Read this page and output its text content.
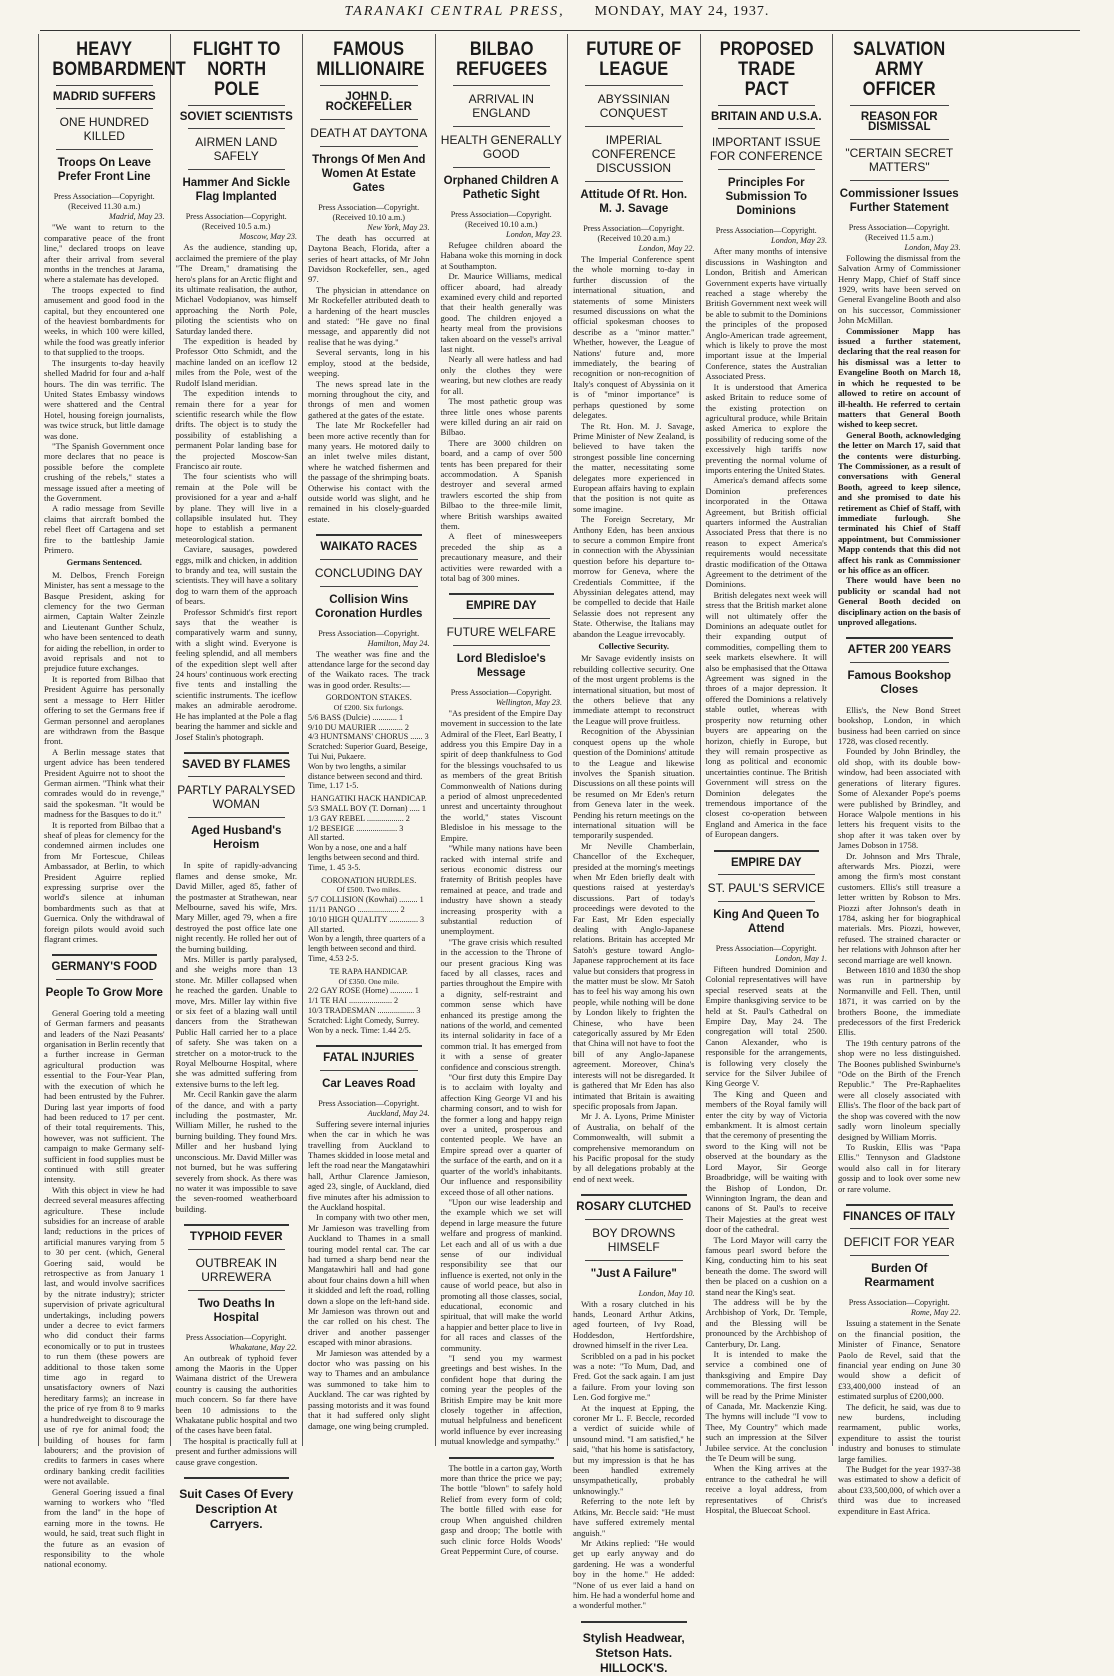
TARANAKI CENTRAL PRESS, MONDAY, MAY 24, 1937.
HEAVY BOMBARDMENT
MADRID SUFFERS
ONE HUNDRED KILLED
Troops On Leave Prefer Front Line
Press Association—Copyright.
(Received 11.30 a.m.)
Madrid, May 23.

"We want to return to the comparative peace of the front line," declared troops on leave after their arrival from several months in the trenches at Jarama, where a stalemate has developed.

The troops expected to find amusement and good food in the capital, but they encountered one of the heaviest bombardments for weeks, in which 100 were killed, while the food was greatly inferior to that supplied to the troops.

The insurgents to-day heavily shelled Madrid for four and a-half hours. The din was terrific. The United States Embassy windows were shattered and the Central Hotel, housing foreign journalists, was twice struck, but little damage was done.

"The Spanish Government once more declares that no peace is possible before the complete crushing of the rebels," states a message issued after a meeting of the Government.

A radio message from Seville claims that aircraft bombed the rebel fleet off Cartagena and set fire to the battleship Jamie Primero.

Germans Sentenced.

M. Delbos, French Foreign Minister, has sent a message to the Basque President, asking for clemency for the two German airmen, Captain Walter Zeinzle and Lieutenant Gunther Schulz, who have been sentenced to death for aiding the rebellion, in order to avoid reprisals and not to prejudice future exchanges.

It is reported from Bilbao that President Aguirre has personally sent a message to Herr Hitler offering to set the Germans free if German personnel and aeroplanes are withdrawn from the Basque front.

A Berlin message states that urgent advice has been tendered President Aguirre not to shoot the German airmen. "Think what their comrades would do in revenge," said the spokesman. "It would be madness for the Basques to do it."

It is reported from Bilbao that a sheaf of pleas for clemency for the condemned airmen includes one from Mr Fortescue, Chileas Ambassador, at Berlin, to which President Aguirre replied expressing surprise over the world's silence at inhuman bombardments such as that at Guernica. Only the withdrawal of foreign pilots would avoid such flagrant crimes.

GERMANY'S FOOD
People To Grow More

General Goering told a meeting of German farmers and peasants and leaders of the Nazi Peasants' organisation in Berlin recently that a further increase in German agricultural production was essential to the Four-Year Plan, with the execution of which he had been entrusted by the Fuhrer. During last year imports of food had been reduced to 17 per cent. of their total requirements. This, however, was not sufficient. The campaign to make Germany self-sufficient in food supplies must be continued with still greater intensity.

With this object in view he had decreed several measures affecting agriculture. These include subsidies for an increase of arable land; reductions in the prices of artificial manures varying from 5 to 30 per cent. (which, General Goering said, would be retrospective as from January 1 last, and would involve sacrifices by the nitrate industry); stricter supervision of private agricultural undertakings, including powers under a decree to evict farmers who did conduct their farms economically or to put in trustees to run them (these powers are additional to those taken some time ago in regard to unsatisfactory owners of Nazi hereditary farms); an increase in the price of rye from 8 to 9 marks a hundredweight to discourage the use of rye for animal food; the building of houses for farm labourers; and the provision of credits to farmers in cases where ordinary banking credit facilities were not available.

General Goering issued a final warning to workers who "fled from the land" in the hope of earning more in the towns. He would, he said, treat such flight in the future as an evasion of responsibility to the whole national economy.

FLIGHT TO NORTH POLE
SOVIET SCIENTISTS
AIRMEN LAND SAFELY
Hammer And Sickle Flag Implanted
Press Association—Copyright.
(Received 10.5 a.m.)
Moscow, May 23.

As the audience, standing up, acclaimed the premiere of the play "The Dream," dramatising the hero's plans for an Arctic flight and its ultimate realisation, the author, Michael Vodopianov, was himself approaching the North Pole, piloting the scientists who on Saturday landed there.

The expedition is headed by Professor Otto Schmidt, and the machine landed on an iceflow 12 miles from the Pole, west of the Rudolf Island meridian.

The expedition intends to remain there for a year for scientific research while the flow drifts. The object is to study the possibility of establishing a permanent Polar landing base for the projected Moscow-San Francisco air route.

The four scientists who will remain at the Pole will be provisioned for a year and a-half by plane. They will live in a collapsible insulated hut. They hope to establish a permanent meteorological station.

Caviare, sausages, powdered eggs, milk and chicken, in addition to brandy and tea, will sustain the scientists. They will have a solitary dog to warn them of the approach of bears.

Professor Schmidt's first report says that the weather is comparatively warm and sunny, with a slight wind. Everyone is feeling splendid, and all members of the expedition slept well after 24 hours' continuous work erecting five tents and installing the scientific instruments. The iceflow makes an admirable aerodrome. He has implanted at the Pole a flag bearing the hammer and sickle and Josef Stalin's photograph.

SAVED BY FLAMES
PARTLY PARALYSED WOMAN
Aged Husband's Heroism

In spite of rapidly-advancing flames and dense smoke, Mr. David Miller, aged 85, father of the postmaster at Strathewan, near Melbourne, saved his wife, Mrs. Mary Miller, aged 79, when a fire destroyed the post office late one night recently. He rolled her out of the burning building.

Mrs. Miller is partly paralysed, and she weighs more than 13 stone. Mr. Miller collapsed when he reached the garden. Unable to move, Mrs. Miller lay within five or six feet of a blazing wall until dancers from the Strathewan Public Hall carried her to a place of safety. She was taken on a stretcher on a motor-truck to the Royal Melbourne Hospital, where she was admitted suffering from extensive burns to the left leg.

Mr. Cecil Rankin gave the alarm of the dance, and with a party including the postmaster, Mr. William Miller, he rushed to the burning building. They found Mrs. Miller and her husband lying unconscious. Mr. David Miller was not burned, but he was suffering severely from shock. As there was no water it was impossible to save the seven-roomed weatherboard building.

TYPHOID FEVER
OUTBREAK IN URREWERA
Two Deaths In Hospital
Press Association—Copyright.
Whakatane, May 22.

An outbreak of typhoid fever among the Maoris in the Upper Waimana district of the Urewera country is causing the authorities much concern. So far there have been 10 admissions to the Whakatane public hospital and two of the cases have been fatal.

The hospital is practically full at present and further admissions will cause grave congestion.

Suit Cases Of Every Description At Carryers.
FAMOUS MILLIONAIRE
JOHN D. ROCKEFELLER
DEATH AT DAYTONA
Throngs Of Men And Women At Estate Gates
Press Association—Copyright.
(Received 10.10 a.m.)
New York, May 23.

The death has occurred at Daytona Beach, Florida, after a series of heart attacks, of Mr John Davidson Rockefeller, sen., aged 97.

The physician in attendance on Mr Rockefeller attributed death to a hardening of the heart muscles and stated: "He gave no final message, and apparently did not realise that he was dying."

Several servants, long in his employ, stood at the bedside, weeping.

The news spread late in the morning throughout the city, and throngs of men and women gathered at the gates of the estate.

The late Mr Rockefeller had been more active recently than for many years. He motored daily to an inlet twelve miles distant, where he watched fishermen and the passage of the shrimping boats. Otherwise his contact with the outside world was slight, and he remained in his closely-guarded estate.

WAIKATO RACES
CONCLUDING DAY
Collision Wins Coronation Hurdles
Press Association—Copyright.
Hamilton, May 24.

The weather was fine and the attendance large for the second day of the Waikato races. The track was in good order. Results:—

GORDONTON STAKES.
Of £200. Six furlongs.
5/6 BASS (Dulcie) ............ 1
9/10 DU MAURIER ............ 2
4/3 HUNTSMANS' CHORUS ...... 3
Scratched: Superior Guard, Beseige, Tui Nui, Pukaere.
Won by two lengths, a similar distance between second and third. Time, 1.17 1-5.
HANGATIKI HACK HANDICAP.
5/3 SMALL BOY (T. Dornan) ..... 1
1/3 GAY REBEL .................. 2
1/2 BESEIGE .................... 3
All started.
Won by a nose, one and a half lengths between second and third. Time, 1. 45 3-5.
CORONATION HURDLES.
Of £500. Two miles.
5/7 COLLISION (Kowhai) ......... 1
11/11 PANGO .................... 2
10/10 HIGH QUALITY .............. 3
All started.
Won by a length, three quarters of a length between second and third. Time, 4.53 2-5.
TE RAPA HANDICAP.
Of £350. One mile.
2/2 GAY ROSE (Horne) ........... 1
1/1 TE HAI ..................... 2
10/3 TRADESMAN .................. 3
Scratched: Light Comedy, Surrey.
Won by a neck. Time: 1.44 2/5.
FATAL INJURIES
Car Leaves Road
Press Association—Copyright.
Auckland, May 24.

Suffering severe internal injuries when the car in which he was travelling from Auckland to Thames skidded in loose metal and left the road near the Mangatawhiri hall, Arthur Clarence Jamieson, aged 23, single, of Auckland, died five minutes after his admission to the Auckland hospital.

In company with two other men, Mr Jamieson was travelling from Auckland to Thames in a small touring model rental car. The car had turned a sharp bend near the Mangatawhiri hall and had gone about four chains down a hill when it skidded and left the road, rolling down a slope on the left-hand side. Mr Jamieson was thrown out and the car rolled on his chest. The driver and another passenger escaped with minor abrasions.

Mr Jamieson was attended by a doctor who was passing on his way to Thames and an ambulance was summoned to take him to Auckland. The car was righted by passing motorists and it was found that it had suffered only slight damage, one wing being crumpled.

BILBAO REFUGEES
ARRIVAL IN ENGLAND
HEALTH GENERALLY GOOD
Orphaned Children A Pathetic Sight
Press Association—Copyright.
(Received 10.10 a.m.)
London, May 23.

Refugee children aboard the Habana woke this morning in dock at Southampton.

Dr. Maurice Williams, medical officer aboard, had already examined every child and reported that their health generally was good. The children enjoyed a hearty meal from the provisions taken aboard on the vessel's arrival last night.

Nearly all were hatless and had only the clothes they were wearing, but new clothes are ready for all.

The most pathetic group was three little ones whose parents were killed during an air raid on Bilbao.

There are 3000 children on board, and a camp of over 500 tents has been prepared for their accommodation. A Spanish destroyer and several armed trawlers escorted the ship from Bilbao to the three-mile limit, where British warships awaited them.

A fleet of minesweepers preceded the ship as a precautionary measure, and their activities were rewarded with a total bag of 300 mines.

EMPIRE DAY
FUTURE WELFARE
Lord Bledisloe's Message
Press Association—Copyright.
Wellington, May 23.

"As president of the Empire Day movement in succession to the late Admiral of the Fleet, Earl Beatty, I address you this Empire Day in a spirit of deep thankfulness to God for the blessings vouchsafed to us as members of the great British Commonwealth of Nations during a period of almost unprecedented unrest and uncertainty throughout the world," states Viscount Bledisloe in his message to the Empire.

"While many nations have been racked with internal strife and serious economic distress our fraternity of British peoples have remained at peace, and trade and industry have shown a steady increasing prosperity with a substantial reduction of unemployment.

"The grave crisis which resulted in the accession to the Throne of our present gracious King was faced by all classes, races and parties throughout the Empire with a dignity, self-restraint and common sense which have enhanced its prestige among the nations of the world, and cemented its internal solidarity in face of a common trial. It has emerged from it with a sense of greater confidence and conscious strength.

"Our first duty this Empire Day is to acclaim with loyalty and affection King George VI and his charming consort, and to wish for the former a long and happy reign over a united, prosperous and contented people. We have an Empire spread over a quarter of the surface of the earth, and on it a quarter of the world's inhabitants. Our influence and responsibility exceed those of all other nations.

"Upon our wise leadership and the example which we set will depend in large measure the future welfare and progress of mankind. Let each and all of us with a due sense of our individual responsibility see that our influence is exerted, not only in the cause of world peace, but also in promoting all those classes, social, educational, economic and spiritual, that will make the world a happier and better place to live in for all races and classes of the community.

"I send you my warmest greetings and best wishes. In the confident hope that during the coming year the peoples of the British Empire may be knit more closely together in affection, mutual helpfulness and beneficent world influence by ever increasing mutual knowledge and sympathy."

The bottle in a carton gay, Worth more than thrice the price we pay; The bottle "blown" to safely hold Relief from every form of cold; The bottle filled with ease for croup When anguished children gasp and droop; The bottle with such clinic force Holds Woods' Great Peppermint Cure, of course.

FUTURE OF LEAGUE
ABYSSINIAN CONQUEST
IMPERIAL CONFERENCE DISCUSSION
Attitude Of Rt. Hon. M. J. Savage
Press Association—Copyright.
(Received 10.20 a.m.)
London, May 22.

The Imperial Conference spent the whole morning to-day in further discussion of the international situation, and statements of some Ministers resumed discussions on what the official spokesman chooses to describe as a "minor matter." Whether, however, the League of Nations' future and, more immediately, the bearing of recognition or non-recognition of Italy's conquest of Abyssinia on it is of "minor importance" is perhaps questioned by some delegates.

The Rt. Hon. M. J. Savage, Prime Minister of New Zealand, is believed to have taken the strongest possible line concerning the matter, necessitating some delegates more experienced in European affairs having to explain that the position is not quite as some imagine.

The Foreign Secretary, Mr Anthony Eden, has been anxious to secure a common Empire front in connection with the Abyssinian question before his departure to-morrow for Geneva, where the Credentials Committee, if the Abyssinian delegates attend, may be compelled to decide that Haile Selassie does not represent any State. Otherwise, the Italians may abandon the League irrevocably.

Collective Security.

Mr Savage evidently insists on rebuilding collective security. One of the most urgent problems is the international situation, but most of the others believe that any immediate attempt to reconstruct the League will prove fruitless.

Recognition of the Abyssinian conquest opens up the whole question of the Dominions' attitude to the League and likewise involves the Spanish situation. Discussions on all these points will be resumed on Mr Eden's return from Geneva later in the week. Pending his return meetings on the international situation will be temporarily suspended.

Mr Neville Chamberlain, Chancellor of the Exchequer, presided at the morning's meetings when Mr Eden briefly dealt with questions raised at yesterday's discussions. Part of today's proceedings were devoted to the Far East, Mr Eden especially dealing with Anglo-Japanese relations. Britain has accepted Mr Satoh's gesture toward Anglo-Japanese rapprochement at its face value but considers that progress in the matter must be slow. Mr Satoh has to feel his way among his own people, while nothing will be done by London likely to frighten the Chinese, who have been categorically assured by Mr Eden that China will not have to foot the bill of any Anglo-Japanese agreement. Moreover, China's interests will not be disregarded. It is gathered that Mr Eden has also intimated that Britain is awaiting specific proposals from Japan.

Mr J. A. Lyons, Prime Minister of Australia, on behalf of the Commonwealth, will submit a comprehensive memorandum on his Pacific proposal for the study by all delegations probably at the end of next week.

ROSARY CLUTCHED
BOY DROWNS HIMSELF
"Just A Failure"
London, May 10.

With a rosary clutched in his hands, Leonard Arthur Atkins, aged fourteen, of Ivy Road, Hoddesdon, Hertfordshire, drowned himself in the river Lea.

Scribbled on a pad in his pocket was a note: "To Mum, Dad, and Fred. Got the sack again. I am just a failure. From your loving son Len. God forgive me."

At the inquest at Epping, the coroner Mr L. F. Beccle, recorded a verdict of suicide while of unsound mind. "I am satisfied," he said, "that his home is satisfactory, but my impression is that he has been handled extremely unsympathetically, probably unknowingly."

Referring to the note left by Atkins, Mr. Beccle said: "He must have suffered extremely mental anguish."

Mr Atkins replied: "He would get up early anyway and do gardening. He was a wonderful boy in the home." He added: "None of us ever laid a hand on him. He had a wonderful home and a wonderful mother."

Stylish Headwear, Stetson Hats. HILLOCK'S.
PROPOSED TRADE PACT
BRITAIN AND U.S.A.
IMPORTANT ISSUE FOR CONFERENCE
Principles For Submission To Dominions
Press Association—Copyright.
London, May 23.

After many months of intensive discussions in Washington and London, British and American Government experts have virtually reached a stage whereby the British Government next week will be able to submit to the Dominions the principles of the proposed Anglo-American trade agreement, which is likely to prove the most important issue at the Imperial Conference, states the Australian Associated Press.

It is understood that America asked Britain to reduce some of the existing protection on agricultural produce, while Britain asked America to explore the possibility of reducing some of the excessively high tariffs now preventing the normal volume of imports entering the United States.

America's demand affects some Dominion preferences incorporated in the Ottawa Agreement, but British official quarters informed the Australian Associated Press that there is no reason to expect America's requirements would necessitate drastic modification of the Ottawa Agreement to the detriment of the Dominions.

British delegates next week will stress that the British market alone will not ultimately offer the Dominions an adequate outlet for their expanding output of commodities, compelling them to seek markets elsewhere. It will also be emphasised that the Ottawa Agreement was signed in the throes of a major depression. It offered the Dominions a relatively stable outlet, whereas with prosperity now returning other buyers are appearing on the horizon, chiefly in Europe, but they will remain prospective as long as political and economic uncertainties continue. The British Government will stress on the Dominion delegates the tremendous importance of the closest co-operation between England and America in the face of European dangers.

EMPIRE DAY
ST. PAUL'S SERVICE
King And Queen To Attend
Press Association—Copyright.
London, May 1.

Fifteen hundred Dominion and Colonial representatives will have special reserved seats at the Empire thanksgiving service to be held at St. Paul's Cathedral on Empire Day, May 24. The congregation will total 2500. Canon Alexander, who is responsible for the arrangements, is following very closely the service for the Silver Jubilee of King George V.

The King and Queen and members of the Royal family will enter the city by way of Victoria embankment. It is almost certain that the ceremony of presenting the sword to the King will not be observed at the boundary as the Lord Mayor, Sir George Broadbridge, will be waiting with the Bishop of London, Dr. Winnington Ingram, the dean and canons of St. Paul's to receive Their Majesties at the great west door of the cathedral.

The Lord Mayor will carry the famous pearl sword before the King, conducting him to his seat beneath the dome. The sword will then be placed on a cushion on a stand near the King's seat.

The address will be by the Archbishop of York, Dr. Temple, and the Blessing will be pronounced by the Archbishop of Canterbury, Dr. Lang.

It is intended to make the service a combined one of thanksgiving and Empire Day commemorations. The first lesson will be read by the Prime Minister of Canada, Mr. Mackenzie King. The hymns will include "I vow to Thee, My Country" which made such an impression at the Silver Jubilee service. At the conclusion the Te Deum will be sung.

When the King arrives at the entrance to the cathedral he will receive a loyal address, from representatives of Christ's Hospital, the Bluecoat School.

SALVATION ARMY OFFICER
REASON FOR DISMISSAL
"CERTAIN SECRET MATTERS"
Commissioner Issues Further Statement
Press Association—Copyright.
(Received 11.5 a.m.)
London, May 23.

Following the dismissal from the Salvation Army of Commissioner Henry Mapp, Chief of Staff since 1929, writs have been served on General Evangeline Booth and also on his successor, Commissioner John McMillan.

Commissioner Mapp has issued a further statement, declaring that the real reason for his dismissal was a letter to Evangeline Booth on March 18, in which he requested to be allowed to retire on account of ill-health. He referred to certain matters that General Booth wished to keep secret.

General Booth, acknowledging the letter on March 17, said that the contents were disturbing. The Commissioner, as a result of conversations with General Booth, agreed to keep silence, and she promised to date his retirement as Chief of Staff, with immediate furlough. She terminated his Chief of Staff appointment, but Commissioner Mapp contends that this did not affect his rank as Commissioner or his office as an officer.

There would have been no publicity or scandal had not General Booth decided on disciplinary action on the basis of unproved allegations.

AFTER 200 YEARS
Famous Bookshop Closes

Ellis's, the New Bond Street bookshop, London, in which business had been carried on since 1728, was closed recently.

Founded by John Brindley, the old shop, with its double bow-window, had been associated with generations of literary figures. Some of Alexander Pope's poems were published by Brindley, and Horace Walpole mentions in his letters his frequent visits to the shop after it was taken over by James Dobson in 1758.

Dr. Johnson and Mrs Thrale, afterwards Mrs. Piozzi, were among the firm's most constant customers. Ellis's still treasure a letter written by Robson to Mrs. Piozzi after Johnson's death in 1784, asking her for biographical materials. Mrs. Piozzi, however, refused. The strained character or her relations with Johnson after her second marriage are well known.

Between 1810 and 1830 the shop was run in partnership by Normanville and Fell. Then, until 1871, it was carried on by the brothers Boone, the immediate predecessors of the first Frederick Ellis.

The 19th century patrons of the shop were no less distinguished. The Boones published Swinburne's "Ode on the Birth of the French Republic." The Pre-Raphaelites were all closely associated with Ellis's. The floor of the back part of the shop was covered with the now sadly worn linoleum specially designed by William Morris.

To Ruskin, Ellis was "Papa Ellis." Tennyson and Gladstone would also call in for literary gossip and to look over some new or rare volume.

FINANCES OF ITALY
DEFICIT FOR YEAR
Burden Of Rearmament
Press Association—Copyright.
Rome, May 22.

Issuing a statement in the Senate on the financial position, the Minister of Finance, Senatore Paolo de Revel, said that the financial year ending on June 30 would show a deficit of £33,400,000 instead of an estimated surplus of £200,000.

The deficit, he said, was due to new burdens, including rearmament, public works, expenditure to assist the tourist industry and bonuses to stimulate large families.

The Budget for the year 1937-38 was estimated to show a deficit of about £33,500,000, of which over a third was due to increased expenditure in East Africa.
